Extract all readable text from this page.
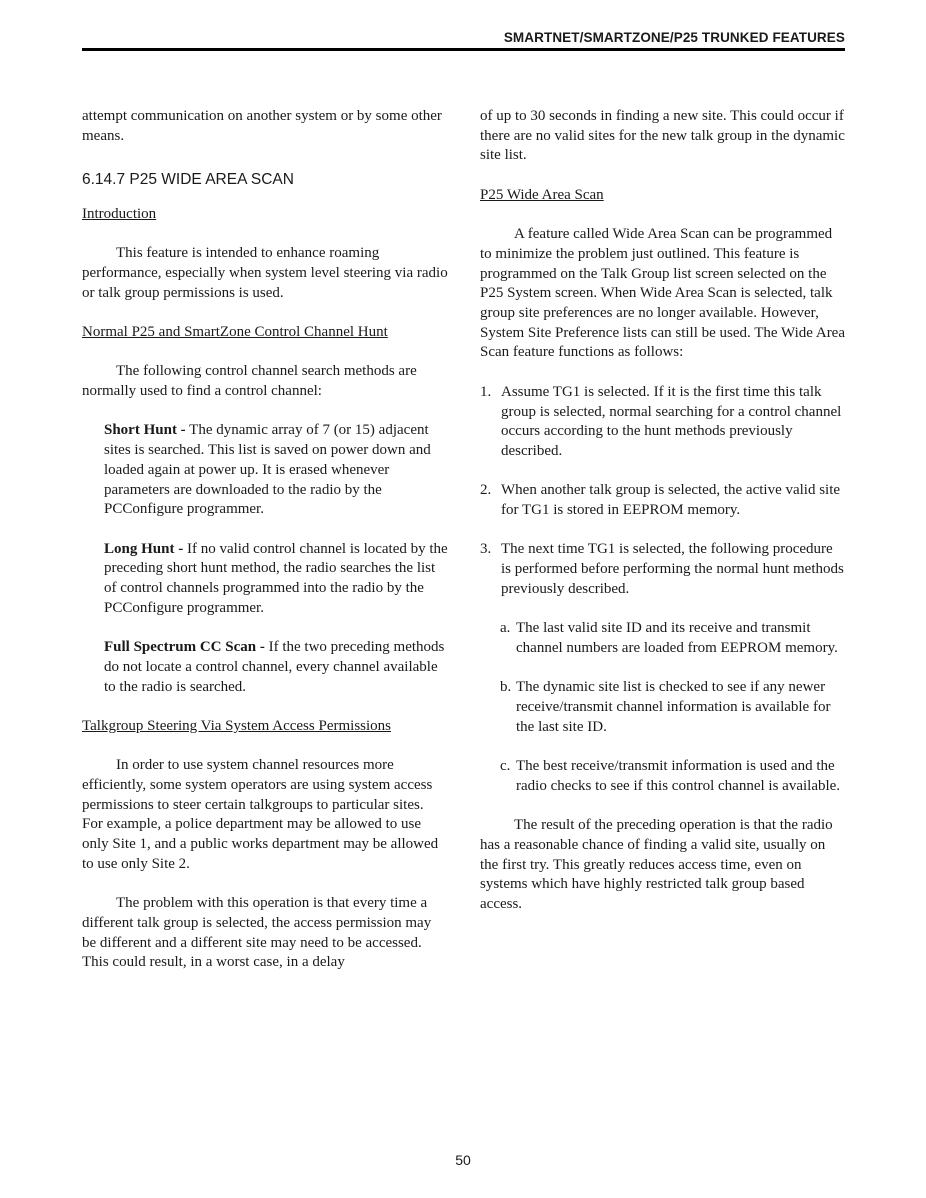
SMARTNET/SMARTZONE/P25 TRUNKED FEATURES

attempt communication on another system or by some other means.

6.14.7 P25 WIDE AREA SCAN

Introduction

This feature is intended to enhance roaming performance, especially when system level steering via radio or talk group permissions is used.

Normal P25 and SmartZone Control Channel Hunt

The following control channel search methods are normally used to find a control channel:

Short Hunt - The dynamic array of 7 (or 15) adjacent sites is searched. This list is saved on power down and loaded again at power up. It is erased whenever parameters are downloaded to the radio by the PCConfigure programmer.

Long Hunt - If no valid control channel is located by the preceding short hunt method, the radio searches the list of control channels programmed into the radio by the PCConfigure programmer.

Full Spectrum CC Scan - If the two preceding methods do not locate a control channel, every channel available to the radio is searched.

Talkgroup Steering Via System Access Permissions

In order to use system channel resources more efficiently, some system operators are using system access permissions to steer certain talkgroups to particular sites. For example, a police department may be allowed to use only Site 1, and a public works department may be allowed to use only Site 2.

The problem with this operation is that every time a different talk group is selected, the access permission may be different and a different site may need to be accessed. This could result, in a worst case, in a delay

of up to 30 seconds in finding a new site. This could occur if there are no valid sites for the new talk group in the dynamic site list.

P25 Wide Area Scan

A feature called Wide Area Scan can be programmed to minimize the problem just outlined. This feature is programmed on the Talk Group list screen selected on the P25 System screen. When Wide Area Scan is selected, talk group site preferences are no longer available. However, System Site Preference lists can still be used. The Wide Area Scan feature functions as follows:

1. Assume TG1 is selected. If it is the first time this talk group is selected, normal searching for a control channel occurs according to the hunt methods previously described.
2. When another talk group is selected, the active valid site for TG1 is stored in EEPROM memory.
3. The next time TG1 is selected, the following procedure is performed before performing the normal hunt methods previously described.
a. The last valid site ID and its receive and transmit channel numbers are loaded from EEPROM memory.
b. The dynamic site list is checked to see if any newer receive/transmit channel information is available for the last site ID.
c. The best receive/transmit information is used and the radio checks to see if this control channel is available.

The result of the preceding operation is that the radio has a reasonable chance of finding a valid site, usually on the first try. This greatly reduces access time, even on systems which have highly restricted talk group based access.

50
